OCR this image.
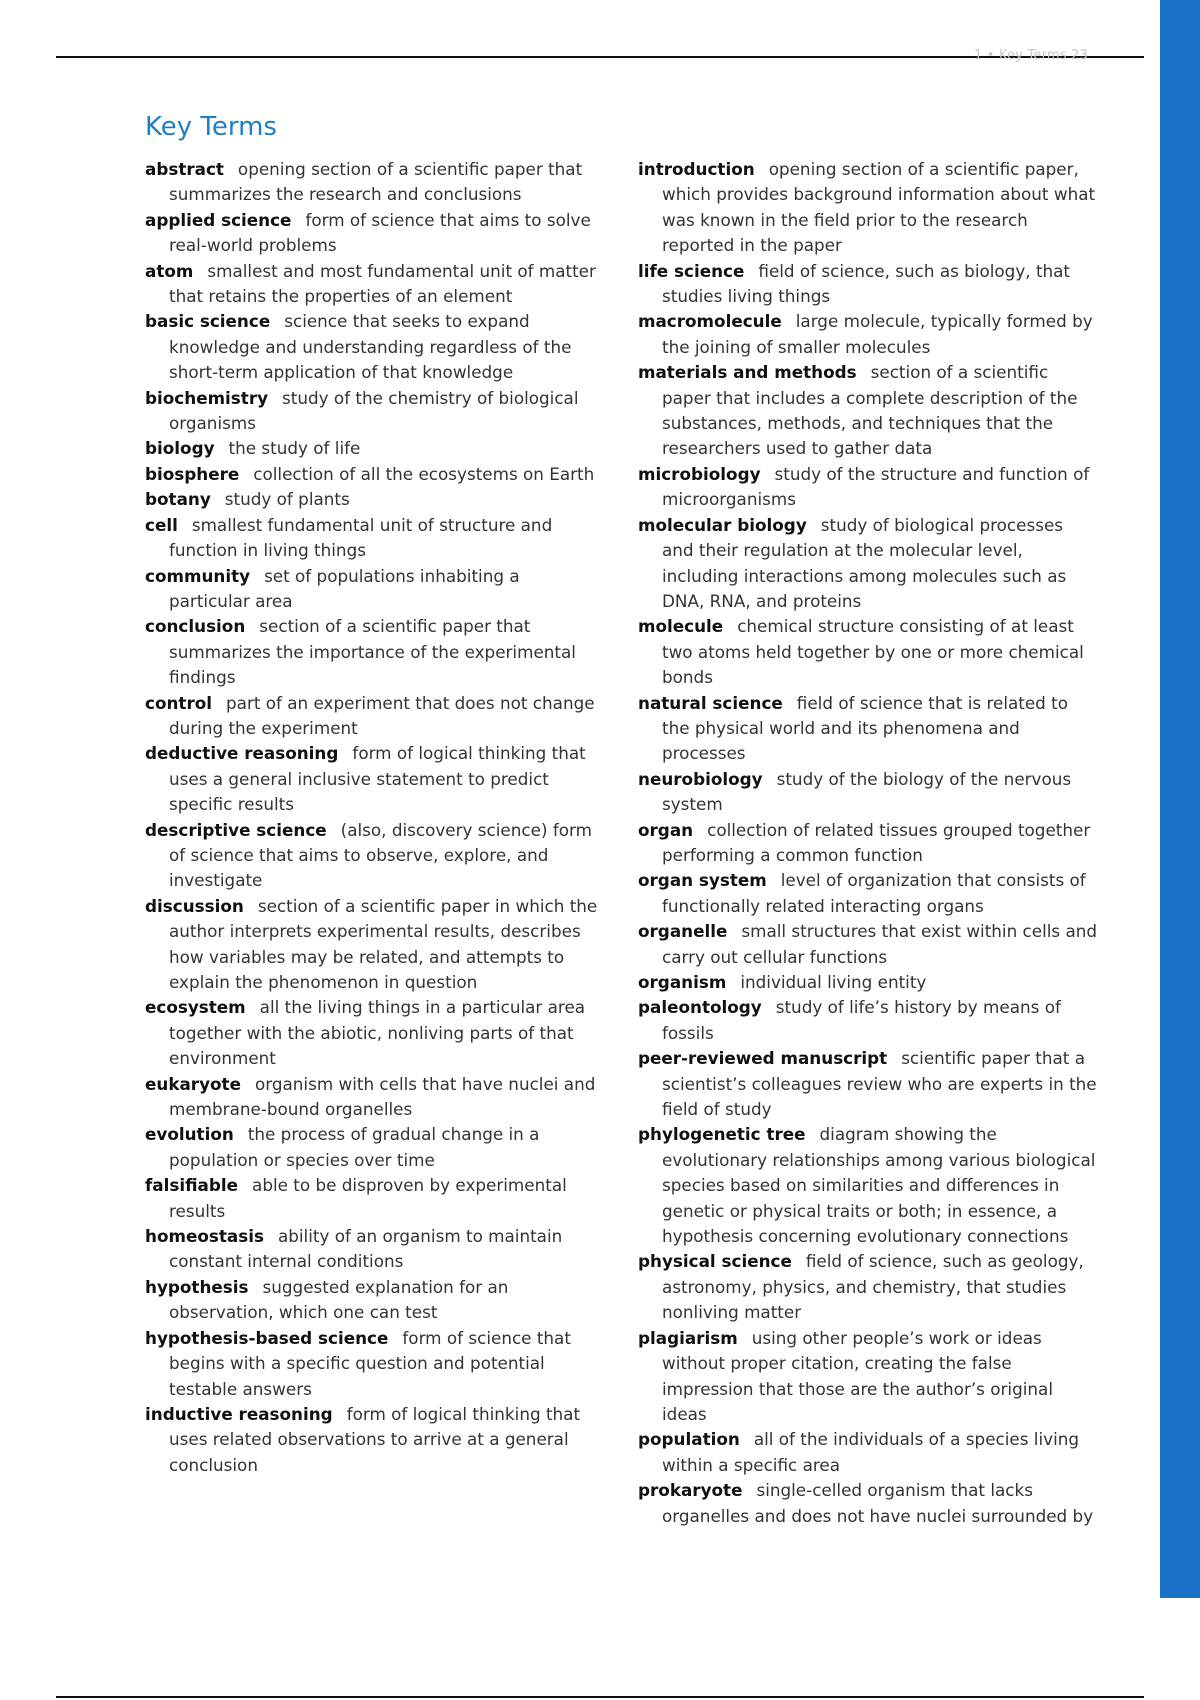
1 • Key Terms 23
Key Terms

abstract opening section of a scientific paper that summarizes the research and conclusions

applied science form of science that aims to solve real-world problems

atom smallest and most fundamental unit of matter that retains the properties of an element

basic science science that seeks to expand knowledge and understanding regardless of the short-term application of that knowledge

biochemistry study of the chemistry of biological organisms

biology the study of life

biosphere collection of all the ecosystems on Earth

botany study of plants

cell smallest fundamental unit of structure and function in living things

community set of populations inhabiting a particular area

conclusion section of a scientific paper that summarizes the importance of the experimental findings

control part of an experiment that does not change during the experiment

deductive reasoning form of logical thinking that uses a general inclusive statement to predict specific results

descriptive science (also, discovery science) form of science that aims to observe, explore, and investigate

discussion section of a scientific paper in which the author interprets experimental results, describes how variables may be related, and attempts to explain the phenomenon in question

ecosystem all the living things in a particular area together with the abiotic, nonliving parts of that environment

eukaryote organism with cells that have nuclei and membrane-bound organelles

evolution the process of gradual change in a population or species over time

falsifiable able to be disproven by experimental results

homeostasis ability of an organism to maintain constant internal conditions

hypothesis suggested explanation for an observation, which one can test

hypothesis-based science form of science that begins with a specific question and potential testable answers

inductive reasoning form of logical thinking that uses related observations to arrive at a general conclusion

introduction opening section of a scientific paper, which provides background information about what was known in the field prior to the research reported in the paper

life science field of science, such as biology, that studies living things

macromolecule large molecule, typically formed by the joining of smaller molecules

materials and methods section of a scientific paper that includes a complete description of the substances, methods, and techniques that the researchers used to gather data

microbiology study of the structure and function of microorganisms

molecular biology study of biological processes and their regulation at the molecular level, including interactions among molecules such as DNA, RNA, and proteins

molecule chemical structure consisting of at least two atoms held together by one or more chemical bonds

natural science field of science that is related to the physical world and its phenomena and processes

neurobiology study of the biology of the nervous system

organ collection of related tissues grouped together performing a common function

organ system level of organization that consists of functionally related interacting organs

organelle small structures that exist within cells and carry out cellular functions

organism individual living entity

paleontology study of life’s history by means of fossils

peer-reviewed manuscript scientific paper that a scientist’s colleagues review who are experts in the field of study

phylogenetic tree diagram showing the evolutionary relationships among various biological species based on similarities and differences in genetic or physical traits or both; in essence, a hypothesis concerning evolutionary connections

physical science field of science, such as geology, astronomy, physics, and chemistry, that studies nonliving matter

plagiarism using other people’s work or ideas without proper citation, creating the false impression that those are the author’s original ideas

population all of the individuals of a species living within a specific area

prokaryote single-celled organism that lacks organelles and does not have nuclei surrounded by
